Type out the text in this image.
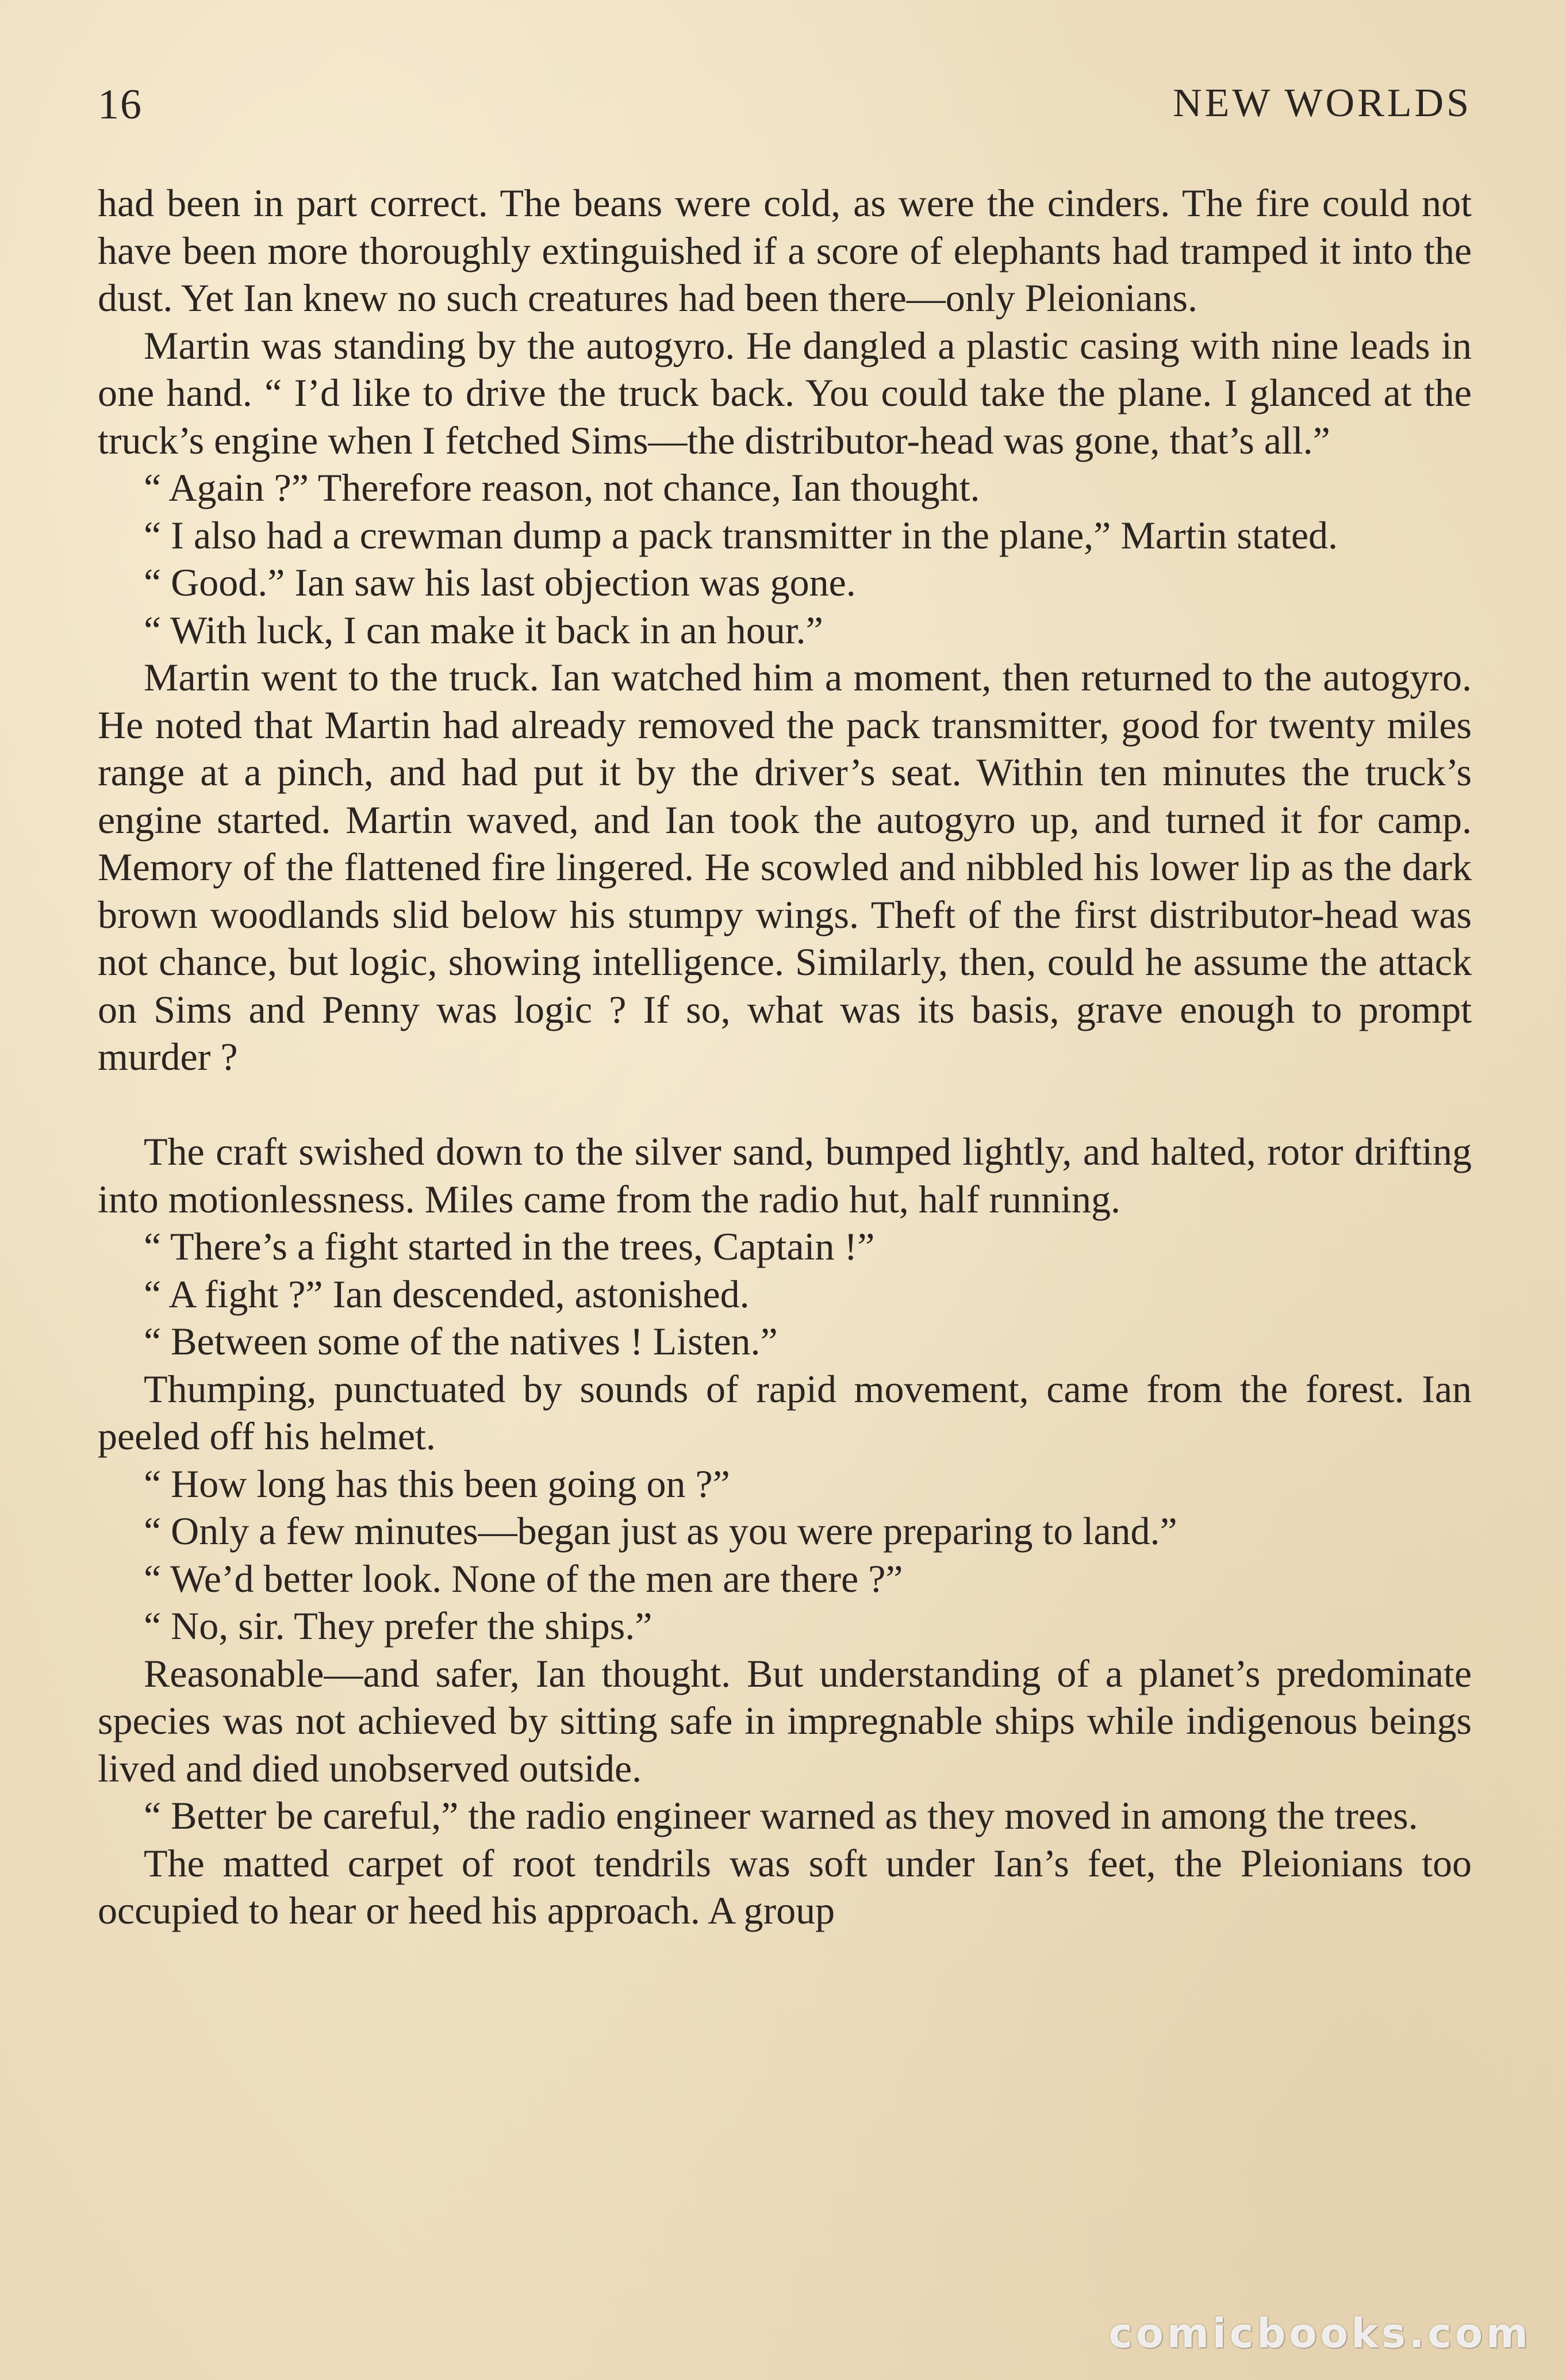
16	NEW WORLDS

had been in part correct. The beans were cold, as were the cinders. The fire could not have been more thoroughly extinguished if a score of elephants had tramped it into the dust. Yet Ian knew no such creatures had been there—only Pleionians.

Martin was standing by the autogyro. He dangled a plastic casing with nine leads in one hand. “ I’d like to drive the truck back. You could take the plane. I glanced at the truck’s engine when I fetched Sims—the distributor-head was gone, that’s all.”

“ Again ?” Therefore reason, not chance, Ian thought.

“ I also had a crewman dump a pack transmitter in the plane,” Martin stated.

“ Good.” Ian saw his last objection was gone.

“ With luck, I can make it back in an hour.”

Martin went to the truck. Ian watched him a moment, then returned to the autogyro. He noted that Martin had already removed the pack transmitter, good for twenty miles range at a pinch, and had put it by the driver’s seat. Within ten minutes the truck’s engine started. Martin waved, and Ian took the autogyro up, and turned it for camp. Memory of the flattened fire lingered. He scowled and nibbled his lower lip as the dark brown woodlands slid below his stumpy wings. Theft of the first distributor-head was not chance, but logic, showing intelligence. Similarly, then, could he assume the attack on Sims and Penny was logic ? If so, what was its basis, grave enough to prompt murder ?

The craft swished down to the silver sand, bumped lightly, and halted, rotor drifting into motionlessness. Miles came from the radio hut, half running.

“ There’s a fight started in the trees, Captain !”

“ A fight ?” Ian descended, astonished.

“ Between some of the natives ! Listen.”

Thumping, punctuated by sounds of rapid movement, came from the forest. Ian peeled off his helmet.

“ How long has this been going on ?”

“ Only a few minutes—began just as you were preparing to land.”

“ We’d better look. None of the men are there ?”

“ No, sir. They prefer the ships.”

Reasonable—and safer, Ian thought. But understanding of a planet’s predominate species was not achieved by sitting safe in impregnable ships while indigenous beings lived and died unobserved outside.

“ Better be careful,” the radio engineer warned as they moved in among the trees.

The matted carpet of root tendrils was soft under Ian’s feet, the Pleionians too occupied to hear or heed his approach. A group

comicbooks.com
